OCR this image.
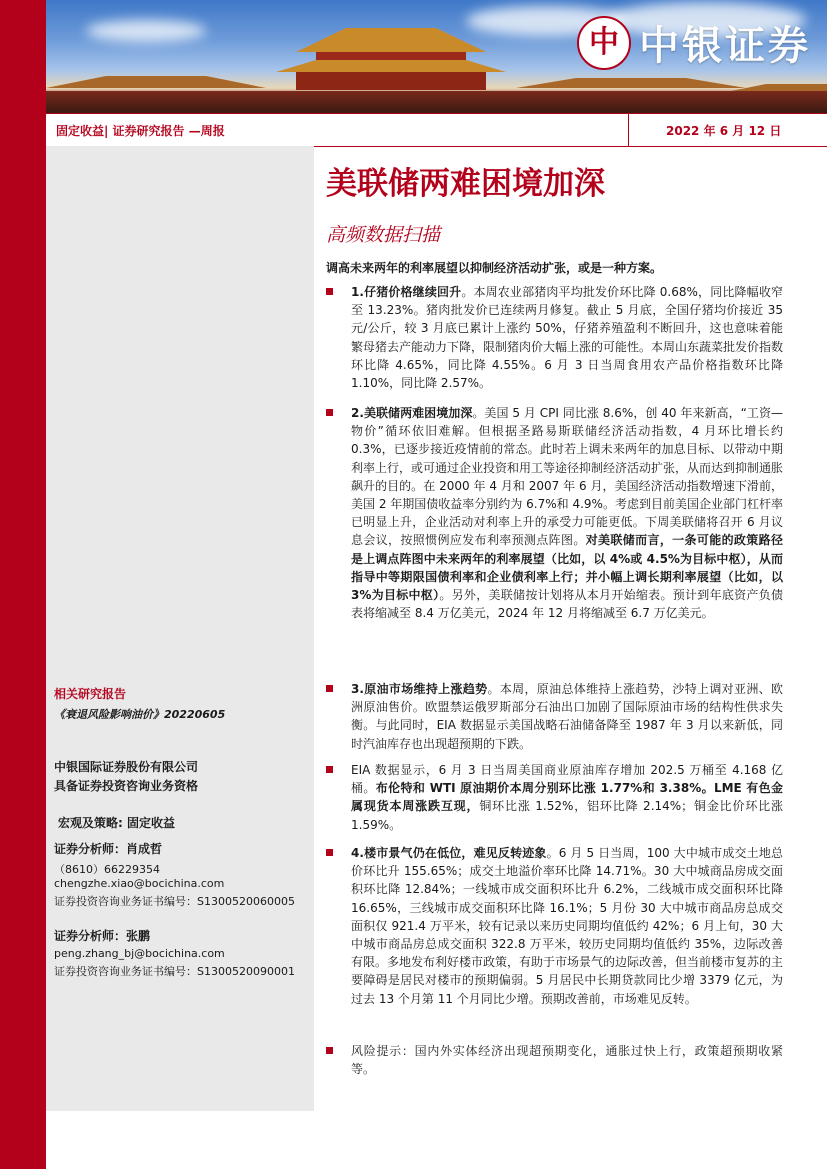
中 中银证券
固定收益| 证券研究报告 —周报	2022 年 6 月 12 日
相关研究报告
《衰退风险影响油价》20220605
中银国际证券股份有限公司
具备证券投资咨询业务资格
宏观及策略: 固定收益
证券分析师：肖成哲
（8610）66229354
chengzhe.xiao@bocichina.com
证券投资咨询业务证书编号：S1300520060005
证券分析师：张鹏
peng.zhang_bj@bocichina.com
证券投资咨询业务证书编号：S1300520090001
美联储两难困境加深
高频数据扫描
调高未来两年的利率展望以抑制经济活动扩张，或是一种方案。
1.仔猪价格继续回升。本周农业部猪肉平均批发价环比降 0.68%，同比降幅收窄至 13.23%。猪肉批发价已连续两月修复。截止 5 月底，全国仔猪均价接近 35 元/公斤，较 3 月底已累计上涨约 50%，仔猪养殖盈利不断回升，这也意味着能繁母猪去产能动力下降，限制猪肉价大幅上涨的可能性。本周山东蔬菜批发价指数环比降 4.65%，同比降 4.55%。6 月 3 日当周食用农产品价格指数环比降 1.10%，同比降 2.57%。
2.美联储两难困境加深。美国 5 月 CPI 同比涨 8.6%，创 40 年来新高，“工资—物价”循环依旧难解。但根据圣路易斯联储经济活动指数，4 月环比增长约 0.3%，已逐步接近疫情前的常态。此时若上调未来两年的加息目标、以带动中期利率上行，或可通过企业投资和用工等途径抑制经济活动扩张，从而达到抑制通胀飙升的目的。在 2000 年 4 月和 2007 年 6 月，美国经济活动指数增速下滑前，美国 2 年期国债收益率分别约为 6.7%和 4.9%。考虑到目前美国企业部门杠杆率已明显上升，企业活动对利率上升的承受力可能更低。下周美联储将召开 6 月议息会议，按照惯例应发布利率预测点阵图。对美联储而言，一条可能的政策路径是上调点阵图中未来两年的利率展望（比如，以 4%或 4.5%为目标中枢），从而指导中等期限国债利率和企业债利率上行；并小幅上调长期利率展望（比如，以 3%为目标中枢）。另外，美联储按计划将从本月开始缩表。预计到年底资产负债表将缩减至 8.4 万亿美元，2024 年 12 月将缩减至 6.7 万亿美元。
3.原油市场维持上涨趋势。本周，原油总体维持上涨趋势，沙特上调对亚洲、欧洲原油售价。欧盟禁运俄罗斯部分石油出口加剧了国际原油市场的结构性供求失衡。与此同时，EIA 数据显示美国战略石油储备降至 1987 年 3 月以来新低，同时汽油库存也出现超预期的下跌。
EIA 数据显示，6 月 3 日当周美国商业原油库存增加 202.5 万桶至 4.168 亿桶。布伦特和 WTI 原油期价本周分别环比涨 1.77%和 3.38%。LME 有色金属现货本周涨跌互现，铜环比涨 1.52%，铝环比降 2.14%；铜金比价环比涨 1.59%。
4.楼市景气仍在低位，难见反转迹象。6 月 5 日当周，100 大中城市成交土地总价环比升 155.65%；成交土地溢价率环比降 14.71%。30 大中城商品房成交面积环比降 12.84%；一线城市成交面积环比升 6.2%，二线城市成交面积环比降 16.65%，三线城市成交面积环比降 16.1%；5 月份 30 大中城市商品房总成交面积仅 921.4 万平米，较有记录以来历史同期均值低约 42%；6 月上旬，30 大中城市商品房总成交面积 322.8 万平米，较历史同期均值低约 35%，边际改善有限。多地发布利好楼市政策，有助于市场景气的边际改善，但当前楼市复苏的主要障碍是居民对楼市的预期偏弱。5 月居民中长期贷款同比少增 3379 亿元，为过去 13 个月第 11 个月同比少增。预期改善前，市场难见反转。
风险提示：国内外实体经济出现超预期变化，通胀过快上行，政策超预期收紧等。
